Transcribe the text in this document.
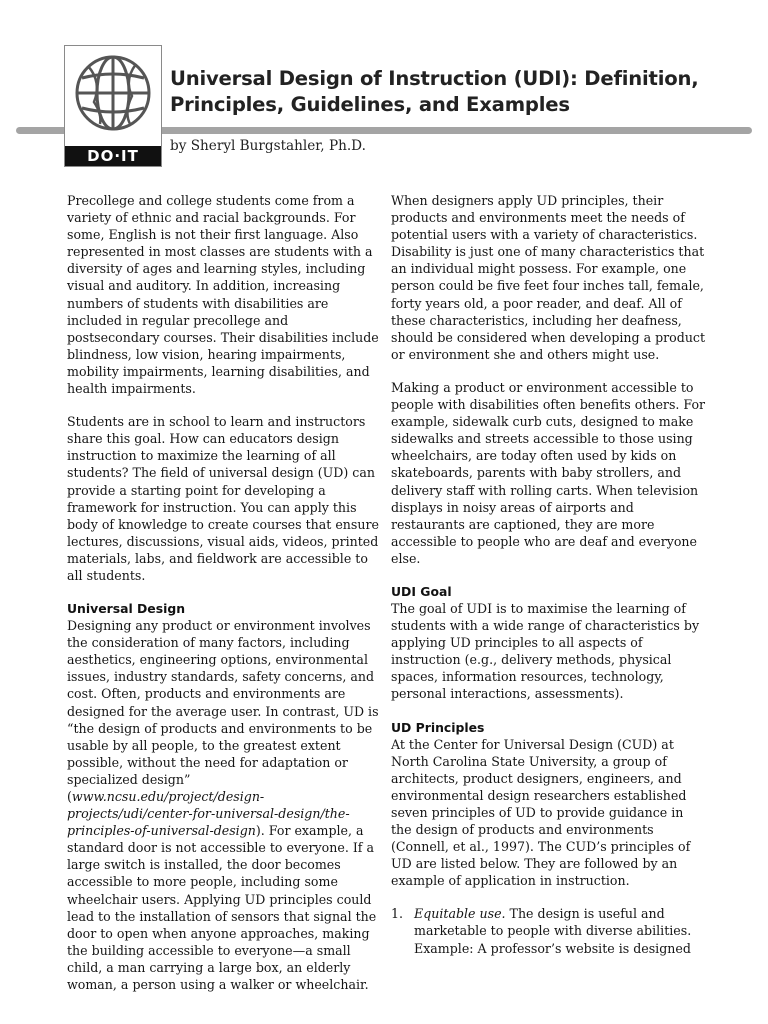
DO·IT
Universal Design of Instruction (UDI): Definition,
Principles, Guidelines, and Examples
by Sheryl Burgstahler, Ph.D.

Precollege and college students come from a variety of ethnic and racial backgrounds. For some, English is not their first language. Also represented in most classes are students with a diversity of ages and learning styles, including visual and auditory. In addition, increasing numbers of students with disabilities are included in regular precollege and postsecondary courses. Their disabilities include blindness, low vision, hearing impairments, mobility impairments, learning disabilities, and health impairments.

Students are in school to learn and instructors share this goal. How can educators design instruction to maximize the learning of all students? The field of universal design (UD) can provide a starting point for developing a framework for instruction. You can apply this body of knowledge to create courses that ensure lectures, discussions, visual aids, videos, printed materials, labs, and fieldwork are accessible to all students.

Universal Design

Designing any product or environment involves the consideration of many factors, including aesthetics, engineering options, environmental issues, industry standards, safety concerns, and cost. Often, products and environments are designed for the average user. In contrast, UD is “the design of products and environments to be usable by all people, to the greatest extent possible, without the need for adaptation or specialized design” (www.ncsu.edu/project/design-projects/udi/center-for-universal-design/the-principles-of-universal-design). For example, a standard door is not accessible to everyone. If a large switch is installed, the door becomes accessible to more people, including some wheelchair users. Applying UD principles could lead to the installation of sensors that signal the door to open when anyone approaches, making the building accessible to everyone—a small child, a man carrying a large box, an elderly woman, a person using a walker or wheelchair.

When designers apply UD principles, their products and environments meet the needs of potential users with a variety of characteristics. Disability is just one of many characteristics that an individual might possess. For example, one person could be five feet four inches tall, female, forty years old, a poor reader, and deaf. All of these characteristics, including her deafness, should be considered when developing a product or environment she and others might use.

Making a product or environment accessible to people with disabilities often benefits others. For example, sidewalk curb cuts, designed to make sidewalks and streets accessible to those using wheelchairs, are today often used by kids on skateboards, parents with baby strollers, and delivery staff with rolling carts. When television displays in noisy areas of airports and restaurants are captioned, they are more accessible to people who are deaf and everyone else.

UDI Goal

The goal of UDI is to maximise the learning of students with a wide range of characteristics by applying UD principles to all aspects of instruction (e.g., delivery methods, physical spaces, information resources, technology, personal interactions, assessments).

UD Principles

At the Center for Universal Design (CUD) at North Carolina State University, a group of architects, product designers, engineers, and environmental design researchers established seven principles of UD to provide guidance in the design of products and environments (Connell, et al., 1997). The CUD’s principles of UD are listed below. They are followed by an example of application in instruction.

1. Equitable use. The design is useful and marketable to people with diverse abilities. Example: A professor’s website is designed
